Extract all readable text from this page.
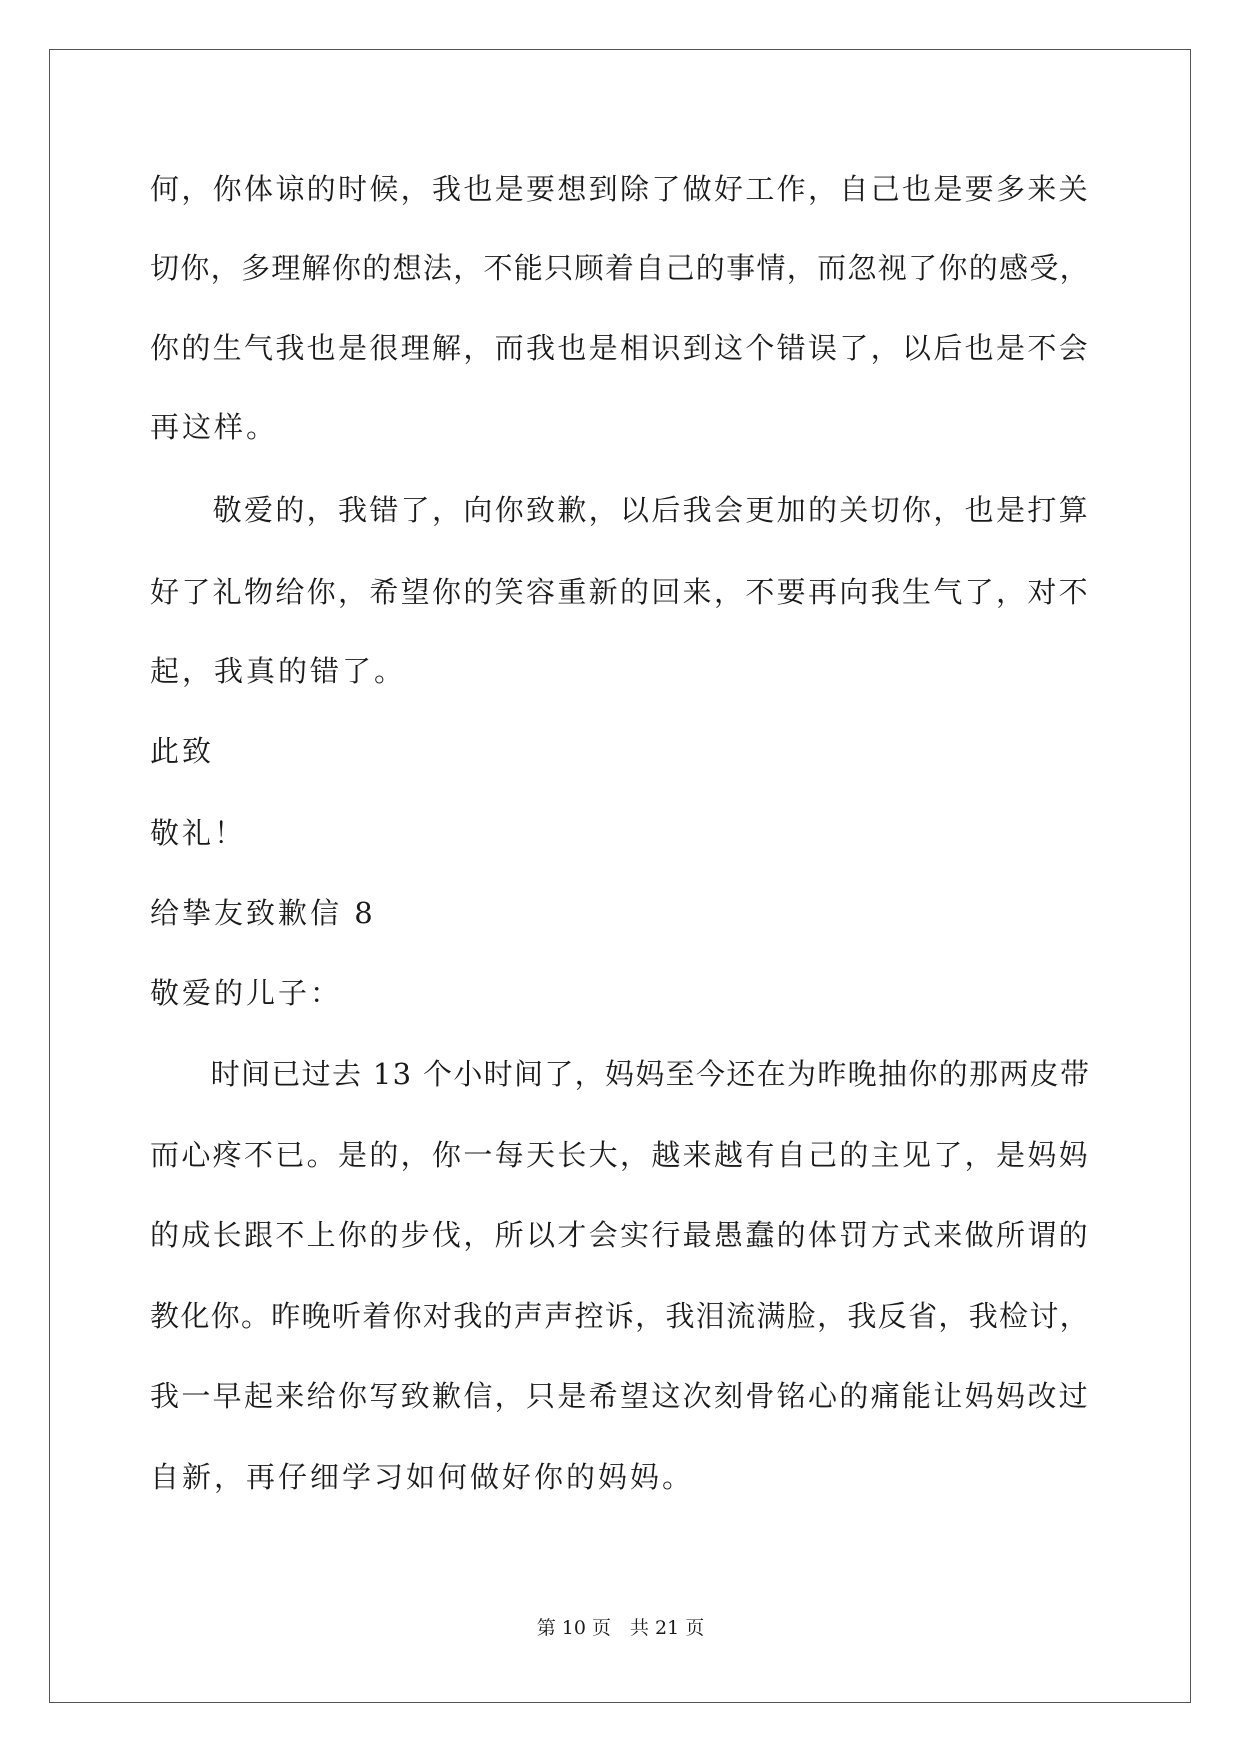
何，你体谅的时候，我也是要想到除了做好工作，自己也是要多来关
切你，多理解你的想法，不能只顾着自己的事情，而忽视了你的感受，
你的生气我也是很理解，而我也是相识到这个错误了，以后也是不会
再这样。
　　敬爱的，我错了，向你致歉，以后我会更加的关切你，也是打算
好了礼物给你，希望你的笑容重新的回来，不要再向我生气了，对不
起，我真的错了。
此致
敬礼！
给挚友致歉信 8
敬爱的儿子：
　　时间已过去 13 个小时间了，妈妈至今还在为昨晚抽你的那两皮带
而心疼不已。是的，你一每天长大，越来越有自己的主见了，是妈妈
的成长跟不上你的步伐，所以才会实行最愚蠢的体罚方式来做所谓的
教化你。昨晚听着你对我的声声控诉，我泪流满脸，我反省，我检讨，
我一早起来给你写致歉信，只是希望这次刻骨铭心的痛能让妈妈改过
自新，再仔细学习如何做好你的妈妈。
第 10 页　共 21 页
